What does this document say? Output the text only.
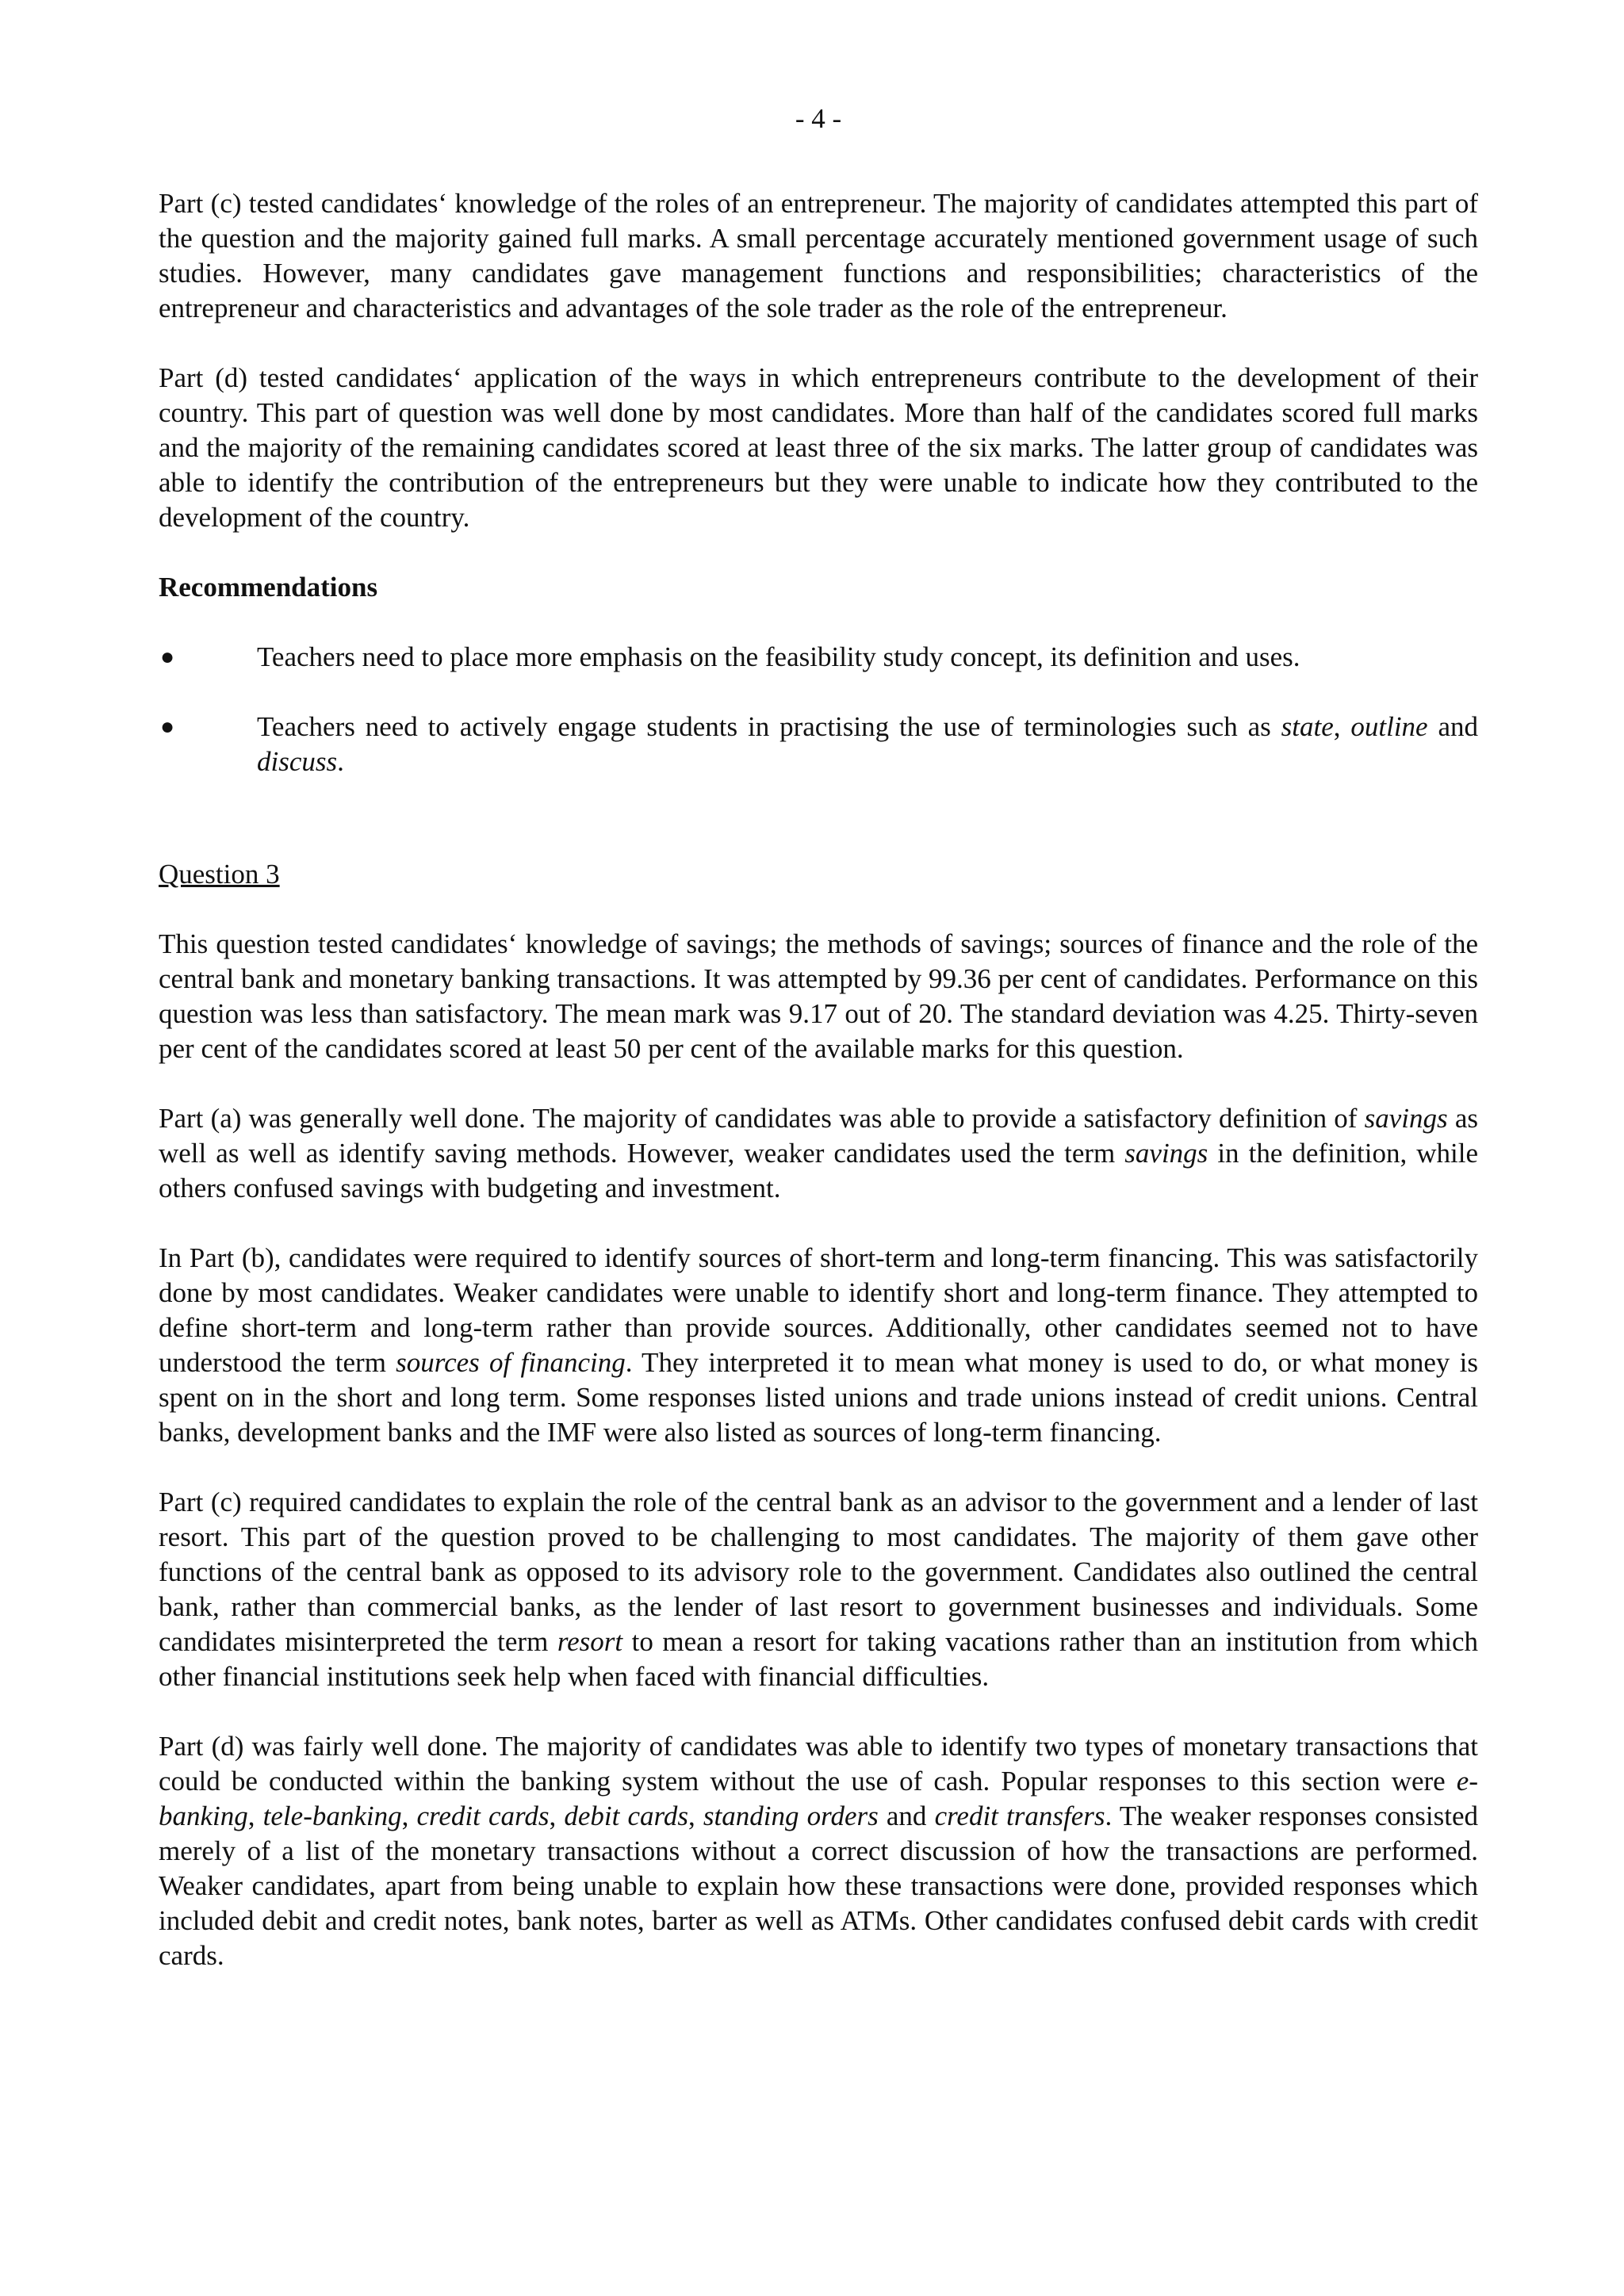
- 4 -

Part (c) tested candidates‘ knowledge of the roles of an entrepreneur. The majority of candidates attempted this part of the question and the majority gained full marks. A small percentage accurately mentioned government usage of such studies. However, many candidates gave management functions and responsibilities; characteristics of the entrepreneur and characteristics and advantages of the sole trader as the role of the entrepreneur.

Part (d) tested candidates‘ application of the ways in which entrepreneurs contribute to the development of their country. This part of question was well done by most candidates. More than half of the candidates scored full marks and the majority of the remaining candidates scored at least three of the six marks. The latter group of candidates was able to identify the contribution of the entrepreneurs but they were unable to indicate how they contributed to the development of the country.

Recommendations

●	Teachers need to place more emphasis on the feasibility study concept, its definition and uses.
●	Teachers need to actively engage students in practising the use of terminologies such as state, outline and discuss.

Question 3

This question tested candidates‘ knowledge of savings; the methods of savings; sources of finance and the role of the central bank and monetary banking transactions. It was attempted by 99.36 per cent of candidates. Performance on this question was less than satisfactory. The mean mark was 9.17 out of 20. The standard deviation was 4.25. Thirty-seven per cent of the candidates scored at least 50 per cent of the available marks for this question.

Part (a) was generally well done. The majority of candidates was able to provide a satisfactory definition of savings as well as well as identify saving methods. However, weaker candidates used the term savings in the definition, while others confused savings with budgeting and investment.

In Part (b), candidates were required to identify sources of short-term and long-term financing. This was satisfactorily done by most candidates. Weaker candidates were unable to identify short and long-term finance. They attempted to define short-term and long-term rather than provide sources. Additionally, other candidates seemed not to have understood the term sources of financing. They interpreted it to mean what money is used to do, or what money is spent on in the short and long term. Some responses listed unions and trade unions instead of credit unions. Central banks, development banks and the IMF were also listed as sources of long-term financing.

Part (c) required candidates to explain the role of the central bank as an advisor to the government and a lender of last resort. This part of the question proved to be challenging to most candidates. The majority of them gave other functions of the central bank as opposed to its advisory role to the government. Candidates also outlined the central bank, rather than commercial banks, as the lender of last resort to government businesses and individuals. Some candidates misinterpreted the term resort to mean a resort for taking vacations rather than an institution from which other financial institutions seek help when faced with financial difficulties.

Part (d) was fairly well done. The majority of candidates was able to identify two types of monetary transactions that could be conducted within the banking system without the use of cash. Popular responses to this section were e-banking, tele-banking, credit cards, debit cards, standing orders and credit transfers. The weaker responses consisted merely of a list of the monetary transactions without a correct discussion of how the transactions are performed. Weaker candidates, apart from being unable to explain how these transactions were done, provided responses which included debit and credit notes, bank notes, barter as well as ATMs. Other candidates confused debit cards with credit cards.
